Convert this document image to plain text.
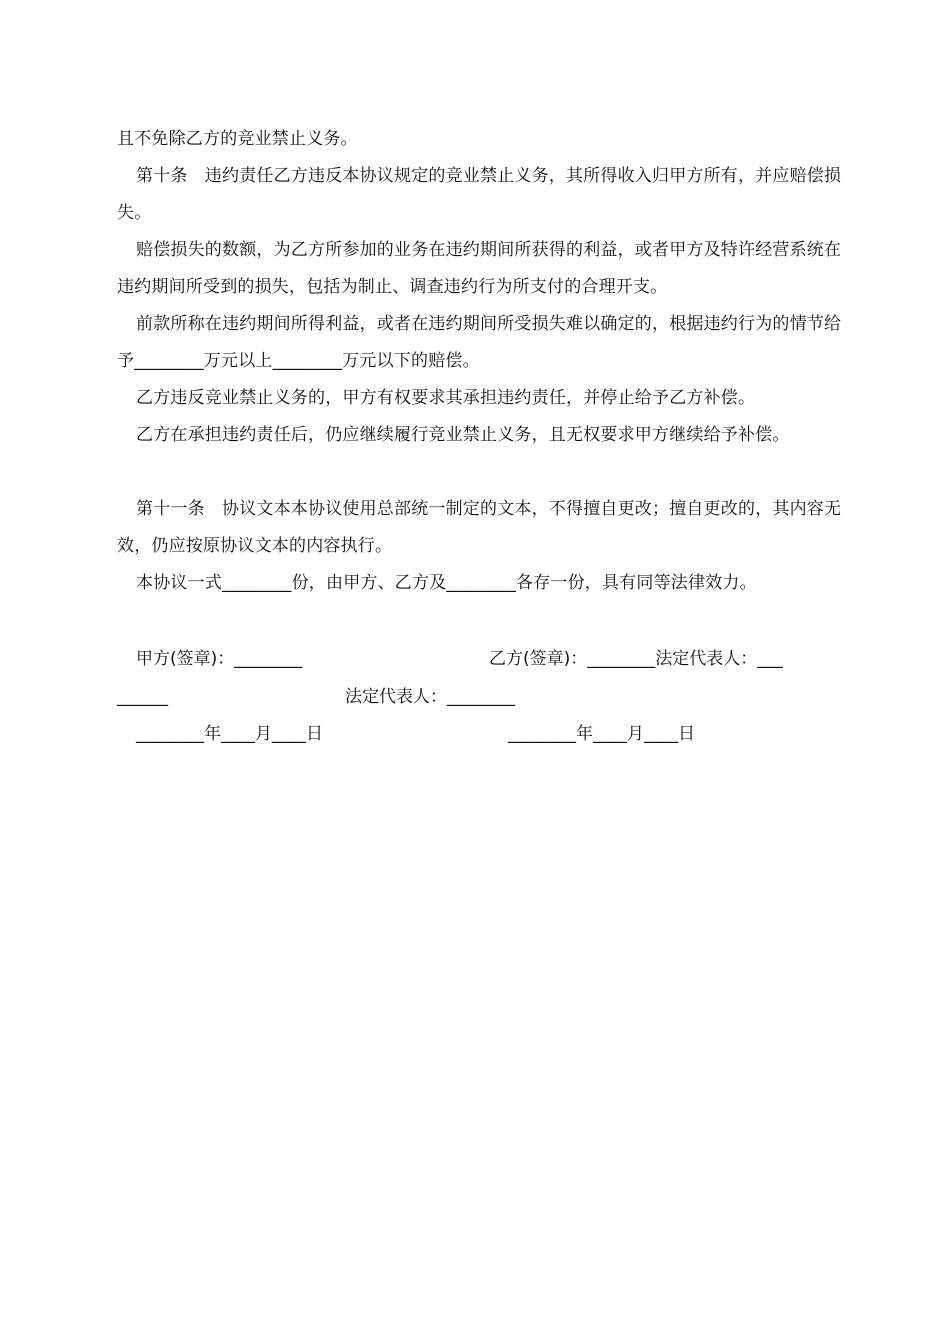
且不免除乙方的竞业禁止义务。
第十条　违约责任乙方违反本协议规定的竞业禁止义务，其所得收入归甲方所有，并应赔偿损失。
赔偿损失的数额，为乙方所参加的业务在违约期间所获得的利益，或者甲方及特许经营系统在违约期间所受到的损失，包括为制止、调查违约行为所支付的合理开支。
前款所称在违约期间所得利益，或者在违约期间所受损失难以确定的，根据违约行为的情节给予________万元以上________万元以下的赔偿。
乙方违反竞业禁止义务的，甲方有权要求其承担违约责任，并停止给予乙方补偿。
乙方在承担违约责任后，仍应继续履行竞业禁止义务，且无权要求甲方继续给予补偿。
第十一条　协议文本本协议使用总部统一制定的文本，不得擅自更改；擅自更改的，其内容无效，仍应按原协议文本的内容执行。
本协议一式________份，由甲方、乙方及________各存一份，具有同等法律效力。
甲方(签章)：________	乙方(签章)：________法定代表人：___
______	法定代表人：________
________年____月____日	________年____月____日
